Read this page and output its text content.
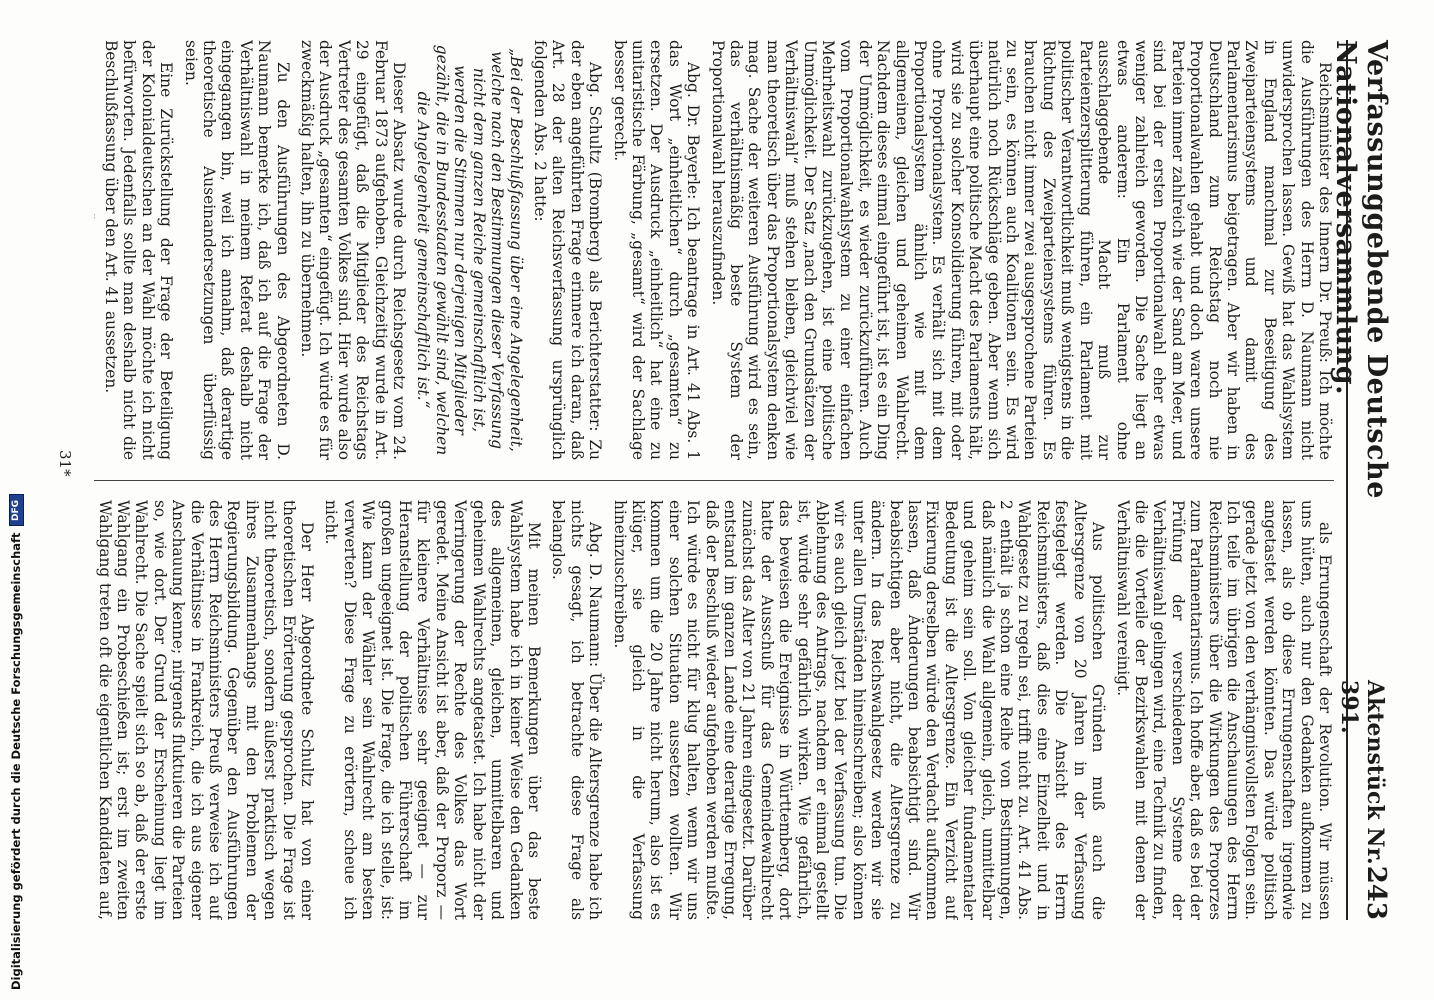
Verfassunggebende Deutsche Nationalversammlung.
Aktenstück Nr. 391.
243

Reichsminister des Innern Dr. Preuß: Ich möchte die Ausführungen des Herrn D. Naumann nicht unwidersprochen lassen. Gewiß hat das Wahlsystem in England manchmal zur Beseitigung des Zweiparteiensystems und damit des Parlamentarismus beigetragen. Aber wir haben in Deutschland zum Reichstag noch nie Proportionalwahlen gehabt und doch waren unsere Parteien immer zahlreich wie der Sand am Meer, und sind bei der ersten Proportionalwahl eher etwas weniger zahlreich geworden. Die Sache liegt an etwas anderem: Ein Parlament ohne ausschlaggebende Macht muß zur Parteienzersplitterung führen, ein Parlament mit politischer Verantwortlichkeit muß wenigstens in die Richtung des Zweiparteiensystems führen. Es brauchen nicht immer zwei ausgesprochene Parteien zu sein, es können auch Koalitionen sein. Es wird natürlich noch Rückschläge geben. Aber wenn sich überhaupt eine politische Macht des Parlaments hält, wird sie zu solcher Konsolidierung führen, mit oder ohne Proportionalsystem. Es verhält sich mit dem Proportionalsystem ähnlich wie mit dem allgemeinen, gleichen und geheimen Wahlrecht. Nachdem dieses einmal eingeführt ist, ist es ein Ding der Unmöglichkeit, es wieder zurückzuführen. Auch vom Proportionalwahlsystem zu einer einfachen Mehrheitswahl zurückzugehen, ist eine politische Unmöglichkeit. Der Satz „nach den Grundsätzen der Verhältniswahl“ muß stehen bleiben, gleichviel wie man theoretisch über das Proportionalsystem denken mag. Sache der weiteren Ausführung wird es sein, das verhältnismäßig beste System der Proportionalwahl herauszufinden.

Abg. Dr. Beyerle: Ich beantrage in Art. 41 Abs. 1 das Wort „einheitlichen“ durch „gesamten“ zu ersetzen. Der Ausdruck „einheitlich“ hat eine zu unitaristische Färbung, „gesamt“ wird der Sachlage besser gerecht.

Abg. Schultz (Bromberg) als Berichterstatter: Zu der eben angeführten Frage erinnere ich daran, daß Art. 28 der alten Reichsverfassung ursprünglich folgenden Abs. 2 hatte:

„Bei der Beschlußfassung über eine Angelegenheit, welche nach den Bestimmungen dieser Verfassung nicht dem ganzen Reiche gemeinschaftlich ist, werden die Stimmen nur derjenigen Mitglieder gezählt, die in Bundesstaaten gewählt sind, welchen die Angelegenheit gemeinschaftlich ist.“

Dieser Absatz wurde durch Reichsgesetz vom 24. Februar 1873 aufgehoben. Gleichzeitig wurde in Art. 29 eingefügt, daß die Mitglieder des Reichstags Vertreter des gesamten Volkes sind. Hier wurde also der Ausdruck „gesamten“ eingefügt. Ich würde es für zweckmäßig halten, ihn zu übernehmen.

Zu den Ausführungen des Abgeordneten D. Naumann bemerke ich, daß ich auf die Frage der Verhältniswahl in meinem Referat deshalb nicht eingegangen bin, weil ich annahm, daß derartige theoretische Auseinandersetzungen überflüssig seien.

Eine Zurückstellung der Frage der Beteiligung der Kolonialdeutschen an der Wahl möchte ich nicht befürworten. Jedenfalls sollte man deshalb nicht die Beschlußfassung über den Art. 41 aussetzen.

als Errungenschaft der Revolution. Wir müssen uns hüten, auch nur den Gedanken aufkommen zu lassen, als ob diese Errungenschaften irgendwie angetastet werden könnten. Das würde politisch gerade jetzt von den verhängnisvollsten Folgen sein. Ich teile im übrigen die Anschauungen des Herrn Reichsministers über die Wirkungen des Proporzes zum Parlamentarismus. Ich hoffe aber, daß es bei der Prüfung der verschiedenen Systeme der Verhältniswahl gelingen wird, eine Technik zu finden, die die Vorteile der Bezirkswahlen mit denen der Verhältniswahl vereinigt.

Aus politischen Gründen muß auch die Altersgrenze von 20 Jahren in der Verfassung festgelegt werden. Die Ansicht des Herrn Reichsministers, daß dies eine Einzelheit und in Wahlgesetz zu regeln sei, trifft nicht zu. Art. 41 Abs. 2 enthält ja schon eine Reihe von Bestimmungen, daß nämlich die Wahl allgemein, gleich, unmittelbar und geheim sein soll. Von gleicher fundamentaler Bedeutung ist die Altersgrenze. Ein Verzicht auf Fixierung derselben würde den Verdacht aufkommen lassen, daß Änderungen beabsichtigt sind. Wir beabsichtigen aber nicht, die Altersgrenze zu ändern. In das Reichswahlgesetz werden wir sie unter allen Umständen hineinschreiben; also können wir es auch gleich jetzt bei der Verfassung tun. Die Ablehnung des Antrags, nachdem er einmal gestellt ist, würde sehr gefährlich wirken. Wie gefährlich, das beweisen die Ereignisse in Württemberg, dort hatte der Ausschuß für das Gemeindewahlrecht zunächst das Alter von 21 Jahren eingesetzt. Darüber entstand im ganzen Lande eine derartige Erregung, daß der Beschluß wieder aufgehoben werden mußte. Ich würde es nicht für klug halten, wenn wir uns einer solchen Situation aussetzen wollten. Wir kommen um die 20 Jahre nicht herum, also ist es klüger, sie gleich in die Verfassung hineinzuschreiben.

Abg. D. Naumann: Über die Altersgrenze habe ich nichts gesagt, ich betrachte diese Frage als belanglos.

Mit meinen Bemerkungen über das beste Wahlsystem habe ich in keiner Weise den Gedanken des allgemeinen, gleichen, unmittelbaren und geheimen Wahlrechts angetastet. Ich habe nicht der Verringerung der Rechte des Volkes das Wort geredet. Meine Ansicht ist aber, daß der Proporz — für kleinere Verhältnisse sehr geeignet — zur Heranstellung der politischen Führerschaft im großen ungeeignet ist. Die Frage, die ich stelle, ist: Wie kann der Wähler sein Wahlrecht am besten verwerten? Diese Frage zu erörtern, scheue ich nicht.

Der Herr Abgeordnete Schultz hat von einer theoretischen Erörterung gesprochen. Die Frage ist nicht theoretisch, sondern äußerst praktisch wegen ihres Zusammenhangs mit den Problemen der Regierungsbildung. Gegenüber den Ausführungen des Herrn Reichsministers Preuß verweise ich auf die Verhältnisse in Frankreich, die ich aus eigener Anschauung kenne; nirgends fluktuieren die Parteien so, wie dort. Der Grund der Erscheinung liegt im Wahlrecht. Die Sache spielt sich so ab, daß der erste Wahlgang ein Probeschießen ist; erst im zweiten Wahlgang treten oft die eigentlichen Kandidaten auf,

31*
Digitalisierung gefördert durch die Deutsche Forschungsgemeinschaft
DFG
